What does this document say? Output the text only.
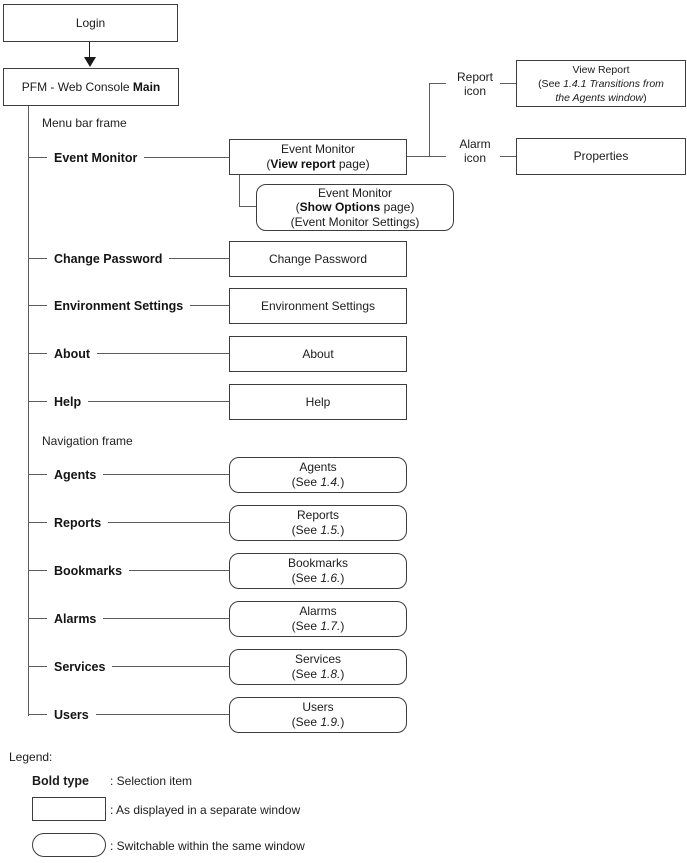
Login
PFM - Web Console Main
Menu bar frame
Navigation frame
Event Monitor
Event Monitor
(View report page)
Event Monitor
(Show Options page)
(Event Monitor Settings)
Report
icon
View Report
(See 1.4.1 Transitions from
the Agents window)
Alarm
icon	Properties
Change Password	Change Password
Environment Settings	Environment Settings
About	About
Help	Help
Agents
Agents
(See 1.4.)
Reports
Reports
(See 1.5.)
Bookmarks
Bookmarks
(See 1.6.)
Alarms
Alarms
(See 1.7.)
Services
Services
(See 1.8.)
Users
Users
(See 1.9.)
Legend:
Bold type : Selection item
: As displayed in a separate window
: Switchable within the same window
